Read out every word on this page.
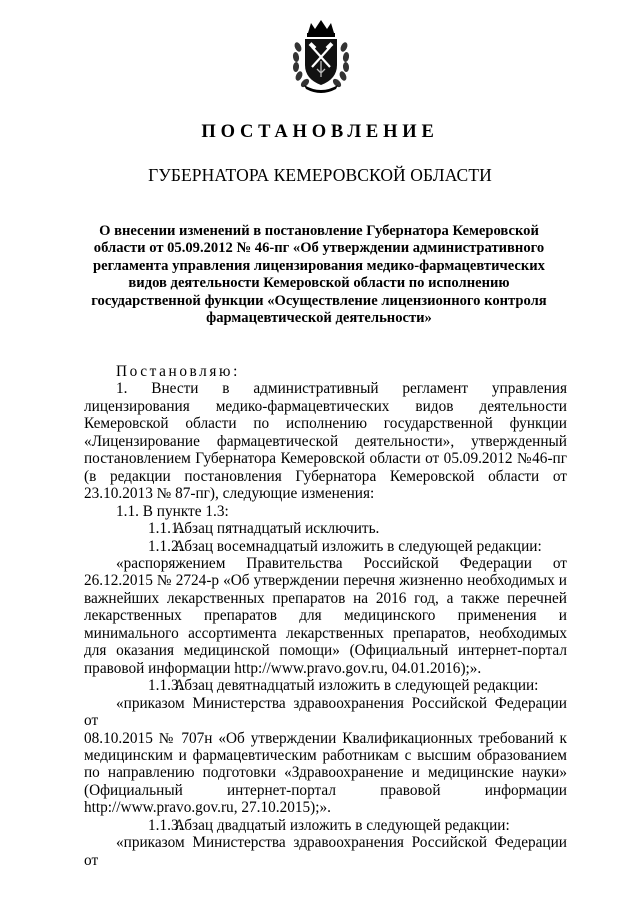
ПОСТАНОВЛЕНИЕ
ГУБЕРНАТОРА КЕМЕРОВСКОЙ ОБЛАСТИ
О внесении изменений в постановление Губернатора Кемеровской
области от 05.09.2012 № 46-пг «Об утверждении административного
регламента управления лицензирования медико-фармацевтических
видов деятельности Кемеровской области по исполнению
государственной функции «Осуществление лицензионного контроля
фармацевтической деятельности»

Постановляю:

1. Внести в административный регламент управления

лицензирования медико-фармацевтических видов деятельности

Кемеровской области по исполнению государственной функции

«Лицензирование фармацевтической деятельности», утвержденный

постановлением Губернатора Кемеровской области от 05.09.2012 №46-пг

(в редакции постановления Губернатора Кемеровской области от

23.10.2013 № 87-пг), следующие изменения:

1.1. В пункте 1.3:

1.1.1.Абзац пятнадцатый исключить.

1.1.2.Абзац восемнадцатый изложить в следующей редакции:

«распоряжением Правительства Российской Федерации от

26.12.2015 № 2724-р «Об утверждении перечня жизненно необходимых и

важнейших лекарственных препаратов на 2016 год, а также перечней

лекарственных препаратов для медицинского применения и

минимального ассортимента лекарственных препаратов, необходимых

для оказания медицинской помощи» (Официальный интернет-портал

правовой информации http://www.pravo.gov.ru, 04.01.2016);».

1.1.3.Абзац девятнадцатый изложить в следующей редакции:

«приказом Министерства здравоохранения Российской Федерации от

08.10.2015 № 707н «Об утверждении Квалификационных требований к

медицинским и фармацевтическим работникам с высшим образованием

по направлению подготовки «Здравоохранение и медицинские науки»

(Официальный интернет-портал правовой информации

http://www.pravo.gov.ru, 27.10.2015);».

1.1.3.Абзац двадцатый изложить в следующей редакции:

«приказом Министерства здравоохранения Российской Федерации от
